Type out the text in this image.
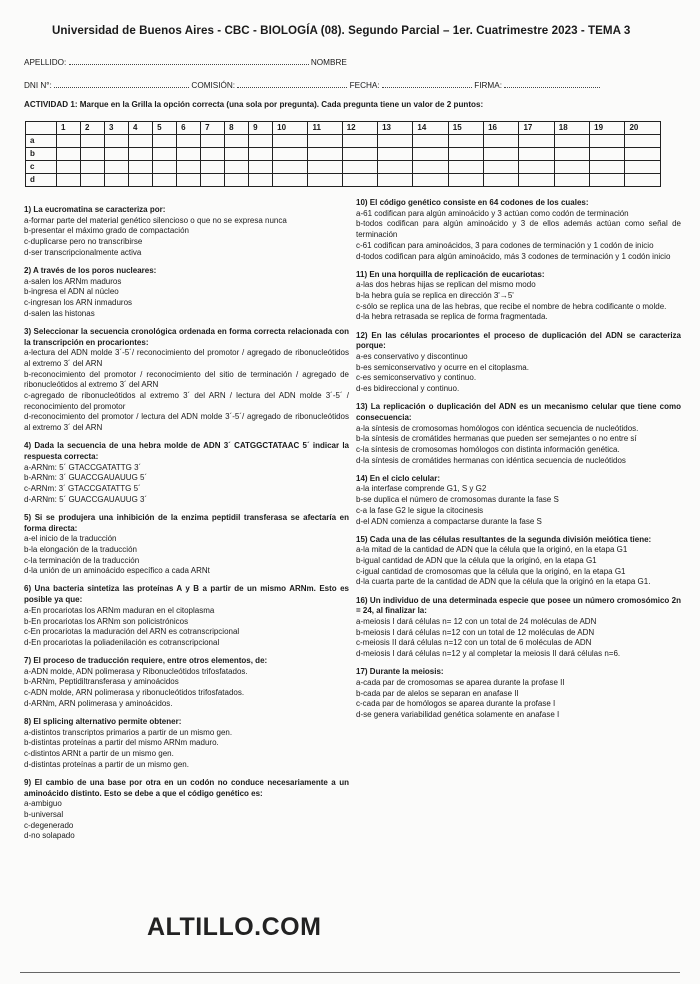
Universidad de Buenos Aires - CBC - BIOLOGÍA (08). Segundo Parcial – 1er. Cuatrimestre 2023 - TEMA 3
APELLIDO:	NOMBRE
DNI N°:	COMISIÓN:	FECHA:	FIRMA:
ACTIVIDAD 1: Marque en la Grilla la opción correcta (una sola por pregunta). Cada pregunta tiene un valor de 2 puntos:
	1	2	3	4	5	6	7	8	9	10	11	12	13	14	15	16	17	18	19	20
a																				
b																				
c																				
d																				
1) La eucromatina se caracteriza por:
a-formar parte del material genético silencioso o que no se expresa nunca
b-presentar el máximo grado de compactación
c-duplicarse pero no transcribirse
d-ser transcripcionalmente activa
2) A través de los poros nucleares:
a-salen los ARNm maduros
b-ingresa el ADN al núcleo
c-ingresan los ARN inmaduros
d-salen las histonas
3) Seleccionar la secuencia cronológica ordenada en forma correcta relacionada con la transcripción en procariontes:
a-lectura del ADN molde 3´-5´/ reconocimiento del promotor / agregado de ribonucleótidos al extremo 3´ del ARN
b-reconocimiento del promotor / reconocimiento del sitio de terminación / agregado de ribonucleótidos al extremo 3´ del ARN
c-agregado de ribonucleótidos al extremo 3´ del ARN / lectura del ADN molde 3´-5´ / reconocimiento del promotor
d-reconocimiento del promotor / lectura del ADN molde 3´-5´/ agregado de ribonucleótidos al extremo 3´ del ARN
4) Dada la secuencia de una hebra molde de ADN 3´ CATGGCTATAAC 5´ indicar la respuesta correcta:
a-ARNm: 5´ GTACCGATATTG 3´
b-ARNm: 3´ GUACCGAUAUUG 5´
c-ARNm: 3´ GTACCGATATTG 5´
d-ARNm: 5´ GUACCGAUAUUG 3´
5) Si se produjera una inhibición de la enzima peptidil transferasa se afectaría en forma directa:
a-el inicio de la traducción
b-la elongación de la traducción
c-la terminación de la traducción
d-la unión de un aminoácido específico a cada ARNt
6) Una bacteria sintetiza las proteínas A y B a partir de un mismo ARNm. Esto es posible ya que:
a-En procariotas los ARNm maduran en el citoplasma
b-En procariotas los ARNm son policistrónicos
c-En procariotas la maduración del ARN es cotranscripcional
d-En procariotas la poliadenilación es cotranscripcional
7) El proceso de traducción requiere, entre otros elementos, de:
a-ADN molde, ADN polimerasa y Ribonucleótidos trifosfatados.
b-ARNm, Peptidiltransferasa y aminoácidos
c-ADN molde, ARN polimerasa y ribonucleótidos trifosfatados.
d-ARNm, ARN polimerasa y aminoácidos.
8) El splicing alternativo permite obtener:
a-distintos transcriptos primarios a partir de un mismo gen.
b-distintas proteínas a partir del mismo ARNm maduro.
c-distintos ARNt a partir de un mismo gen.
d-distintas proteínas a partir de un mismo gen.
9) El cambio de una base por otra en un codón no conduce necesariamente a un aminoácido distinto. Esto se debe a que el código genético es:
a-ambiguo
b-universal
c-degenerado
d-no solapado
10) El código genético consiste en 64 codones de los cuales:
a-61 codifican para algún aminoácido y 3 actúan como codón de terminación
b-todos codifican para algún aminoácido y 3 de ellos además actúan como señal de terminación
c-61 codifican para aminoácidos, 3 para codones de terminación y 1 codón de inicio
d-todos codifican para algún aminoácido, más 3 codones de terminación y 1 codón inicio
11) En una horquilla de replicación de eucariotas:
a-las dos hebras hijas se replican del mismo modo
b-la hebra guía se replica en dirección 3'→5'
c-sólo se replica una de las hebras, que recibe el nombre de hebra codificante o molde.
d-la hebra retrasada se replica de forma fragmentada.
12) En las células procariontes el proceso de duplicación del ADN se caracteriza porque:
a-es conservativo y discontinuo
b-es semiconservativo y ocurre en el citoplasma.
c-es semiconservativo y continuo.
d-es bidireccional y continuo.
13) La replicación o duplicación del ADN es un mecanismo celular que tiene como consecuencia:
a-la síntesis de cromosomas homólogos con idéntica secuencia de nucleótidos.
b-la síntesis de cromátides hermanas que pueden ser semejantes o no entre sí
c-la síntesis de cromosomas homólogos con distinta información genética.
d-la síntesis de cromátides hermanas con idéntica secuencia de nucleótidos
14) En el ciclo celular:
a-la interfase comprende G1, S y G2
b-se duplica el número de cromosomas durante la fase S
c-a la fase G2 le sigue la citocinesis
d-el ADN comienza a compactarse durante la fase S
15) Cada una de las células resultantes de la segunda división meiótica tiene:
a-la mitad de la cantidad de ADN que la célula que la originó, en la etapa G1
b-igual cantidad de ADN que la célula que la originó, en la etapa G1
c-igual cantidad de cromosomas que la célula que la originó, en la etapa G1
d-la cuarta parte de la cantidad de ADN que la célula que la originó en la etapa G1.
16) Un individuo de una determinada especie que posee un número cromosómico 2n = 24, al finalizar la:
a-meiosis I dará células n= 12 con un total de 24 moléculas de ADN
b-meiosis I dará células n=12 con un total de 12 moléculas de ADN
c-meiosis II dará células n=12 con un total de 6 moléculas de ADN
d-meiosis I dará células n=12 y al completar la meiosis II dará células n=6.
17) Durante la meiosis:
a-cada par de cromosomas se aparea durante la profase II
b-cada par de alelos se separan en anafase II
c-cada par de homólogos se aparea durante la profase I
d-se genera variabilidad genética solamente en anafase I
ALTILLO.COM
